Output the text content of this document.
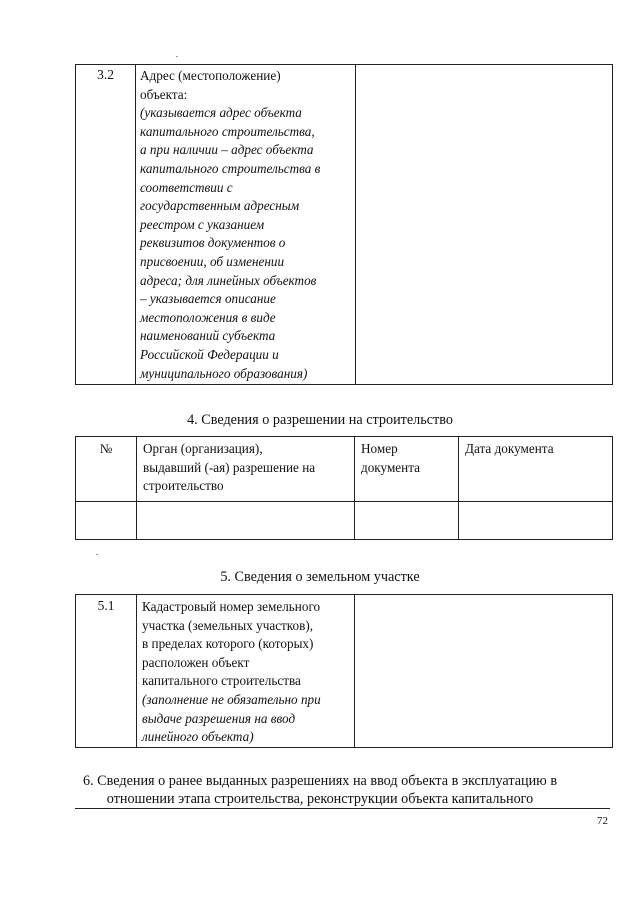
3.2	Адрес (местоположение)
объекта:
(указывается адрес объекта
капитального строительства,
а при наличии – адрес объекта
капитального строительства в
соответствии с
государственным адресным
реестром с указанием
реквизитов документов о
присвоении, об изменении
адреса; для линейных объектов
– указывается описание
местоположения в виде
наименований субъекта
Российской Федерации и
муниципального образования)

4. Сведения о разрешении на строительство
№	Орган (организация),
выдавший (-ая) разрешение на
строительство	Номер
документа	Дата документа

5. Сведения о земельном участке
5.1	Кадастровый номер земельного
участка (земельных участков),
в пределах которого (которых)
расположен объект
капитального строительства
(заполнение не обязательно при
выдаче разрешения на ввод
линейного объекта)

6. Сведения о ранее выданных разрешениях на ввод объекта в эксплуатацию в
отношении этапа строительства, реконструкции объекта капитального
72
